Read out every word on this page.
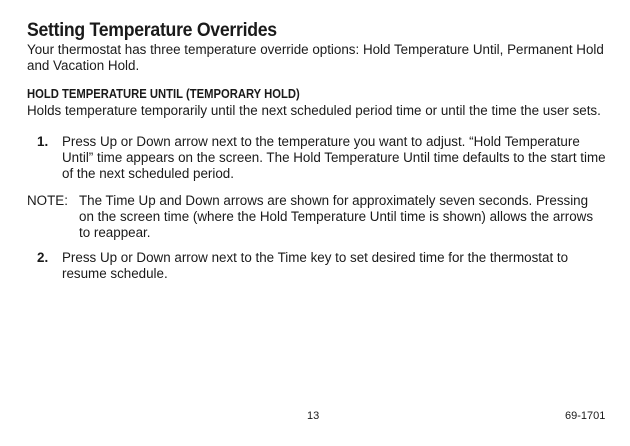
Setting Temperature Overrides
Your thermostat has three temperature override options: Hold Temperature Until, Permanent Hold and Vacation Hold.
HOLD TEMPERATURE UNTIL (TEMPORARY HOLD)
Holds temperature temporarily until the next scheduled period time or until the time the user sets.
1. Press Up or Down arrow next to the temperature you want to adjust. “Hold Temperature Until” time appears on the screen. The Hold Temperature Until time defaults to the start time of the next scheduled period.
NOTE: The Time Up and Down arrows are shown for approximately seven seconds. Pressing on the screen time (where the Hold Temperature Until time is shown) allows the arrows to reappear.
2. Press Up or Down arrow next to the Time key to set desired time for the thermostat to resume schedule.
13	69-1701
